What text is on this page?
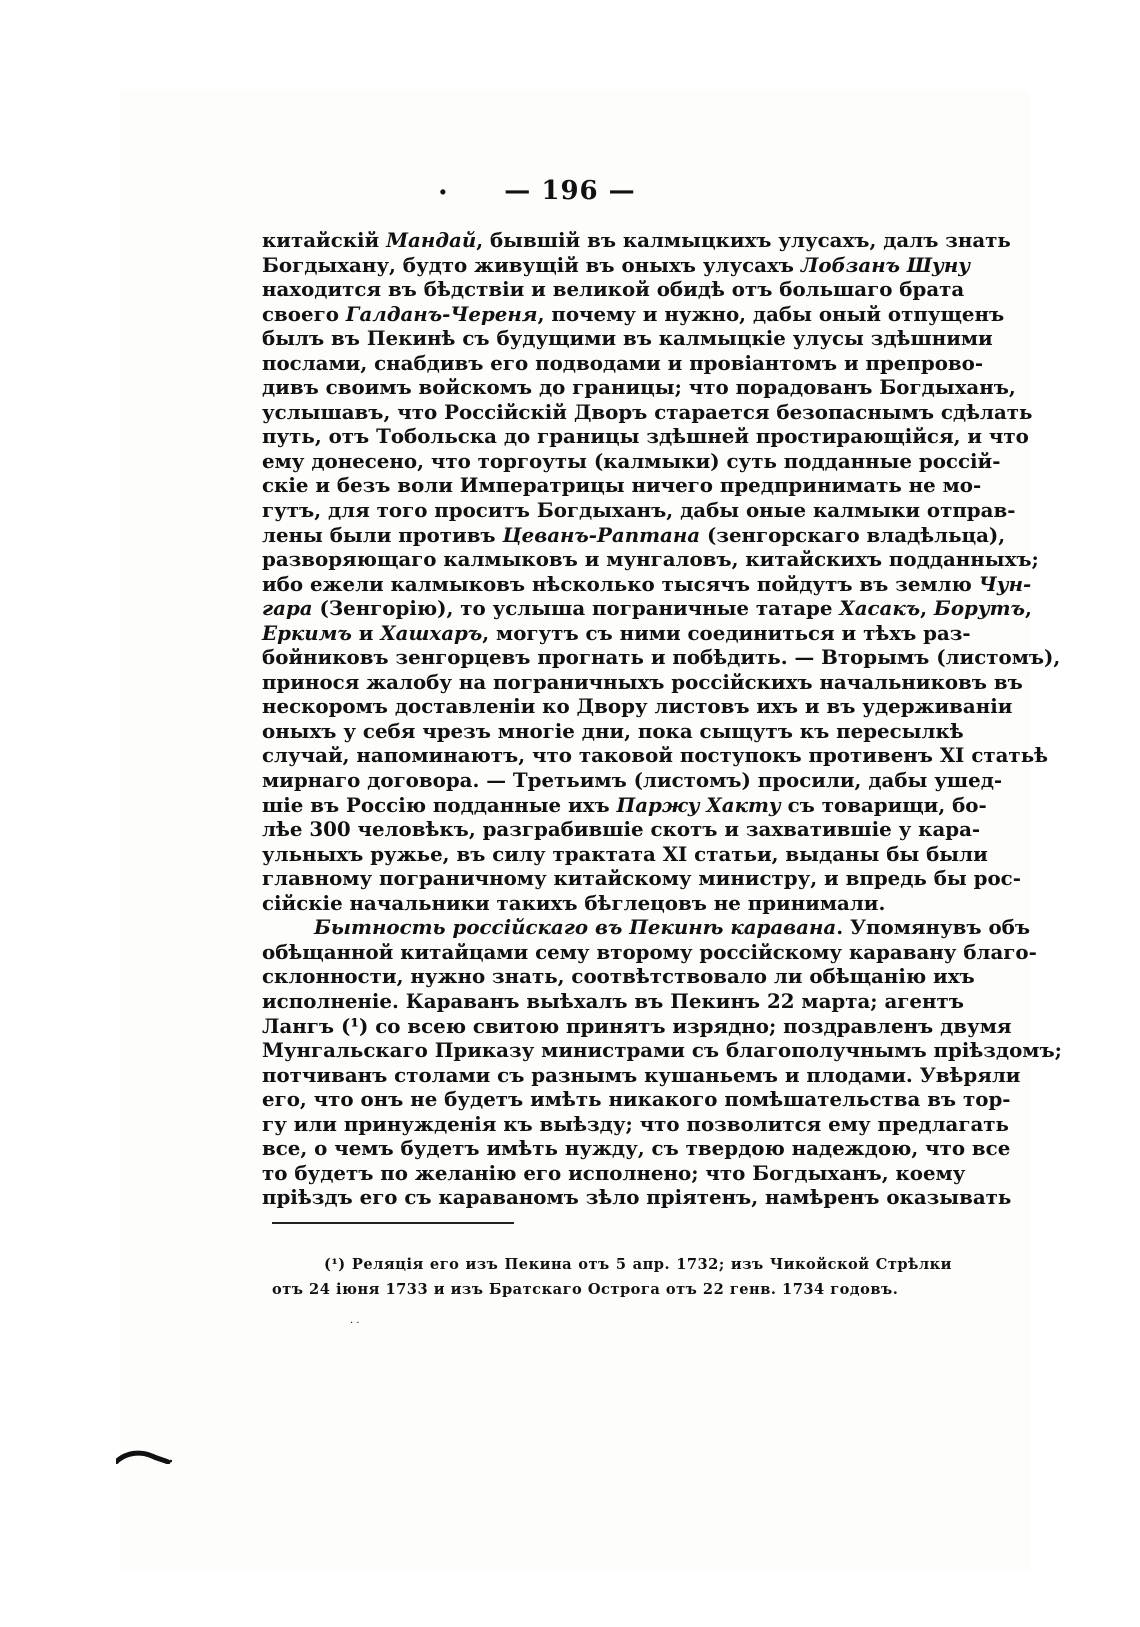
. — 196 —
китайскій Мандай, бывшій въ калмыцкихъ улусахъ, далъ знать
Богдыхану, будто живущій въ оныхъ улусахъ Лобзанъ Шуну
находится въ бѣдствіи и великой обидѣ отъ большаго брата
своего Галданъ-Череня, почему и нужно, дабы оный отпущенъ
былъ въ Пекинѣ съ будущими въ калмыцкіе улусы здѣшними
послами, снабдивъ его подводами и провіантомъ и препрово-
дивъ своимъ войскомъ до границы; что порадованъ Богдыханъ,
услышавъ, что Россійскій Дворъ старается безопаснымъ сдѣлать
путь, отъ Тобольска до границы здѣшней простирающійся, и что
ему донесено, что торгоуты (калмыки) суть подданные россій-
скіе и безъ воли Императрицы ничего предпринимать не мо-
гутъ, для того проситъ Богдыханъ, дабы оные калмыки отправ-
лены были противъ Цеванъ-Раптана (зенгорскаго владѣльца),
разворяющаго калмыковъ и мунгаловъ, китайскихъ подданныхъ;
ибо ежели калмыковъ нѣсколько тысячъ пойдутъ въ землю Чун-
гара (Зенгорію), то услыша пограничные татаре Хасакъ, Борутъ,
Еркимъ и Хашхаръ, могутъ съ ними соединиться и тѣхъ раз-
бойниковъ зенгорцевъ прогнать и побѣдить. — Вторымъ (листомъ),
принося жалобу на пограничныхъ россійскихъ начальниковъ въ
нескоромъ доставленіи ко Двору листовъ ихъ и въ удерживаніи
оныхъ у себя чрезъ многіе дни, пока сыщутъ къ пересылкѣ
случай, напоминаютъ, что таковой поступокъ противенъ XI статьѣ
мирнаго договора. — Третьимъ (листомъ) просили, дабы ушед-
шіе въ Россію подданные ихъ Паржу Хакту съ товарищи, бо-
лѣе 300 человѣкъ, разграбившіе скотъ и захватившіе у кара-
ульныхъ ружье, въ силу трактата XI статьи, выданы бы были
главному пограничному китайскому министру, и впредь бы рос-
сійскіе начальники такихъ бѣглецовъ не принимали.
Бытность россійскаго въ Пекинѣ каравана. Упомянувъ объ
обѣщанной китайцами сему второму россійскому каравану благо-
склонности, нужно знать, соотвѣтствовало ли обѣщанію ихъ
исполненіе. Караванъ выѣхалъ въ Пекинъ 22 марта; агентъ
Лангъ (¹) со всею свитою принятъ изрядно; поздравленъ двумя
Мунгальскаго Приказу министрами съ благополучнымъ пріѣздомъ;
потчиванъ столами съ разнымъ кушаньемъ и плодами. Увѣряли
его, что онъ не будетъ имѣть никакого помѣшательства въ тор-
гу или принужденія къ выѣзду; что позволится ему предлагать
все, о чемъ будетъ имѣть нужду, съ твердою надеждою, что все
то будетъ по желанію его исполнено; что Богдыханъ, коему
пріѣздъ его съ караваномъ зѣло пріятенъ, намѣренъ оказывать
(¹) Реляція его изъ Пекина отъ 5 апр. 1732; изъ Чикойской Стрѣлки
отъ 24 іюня 1733 и изъ Братскаго Острога отъ 22 генв. 1734 годовъ.
· ·
